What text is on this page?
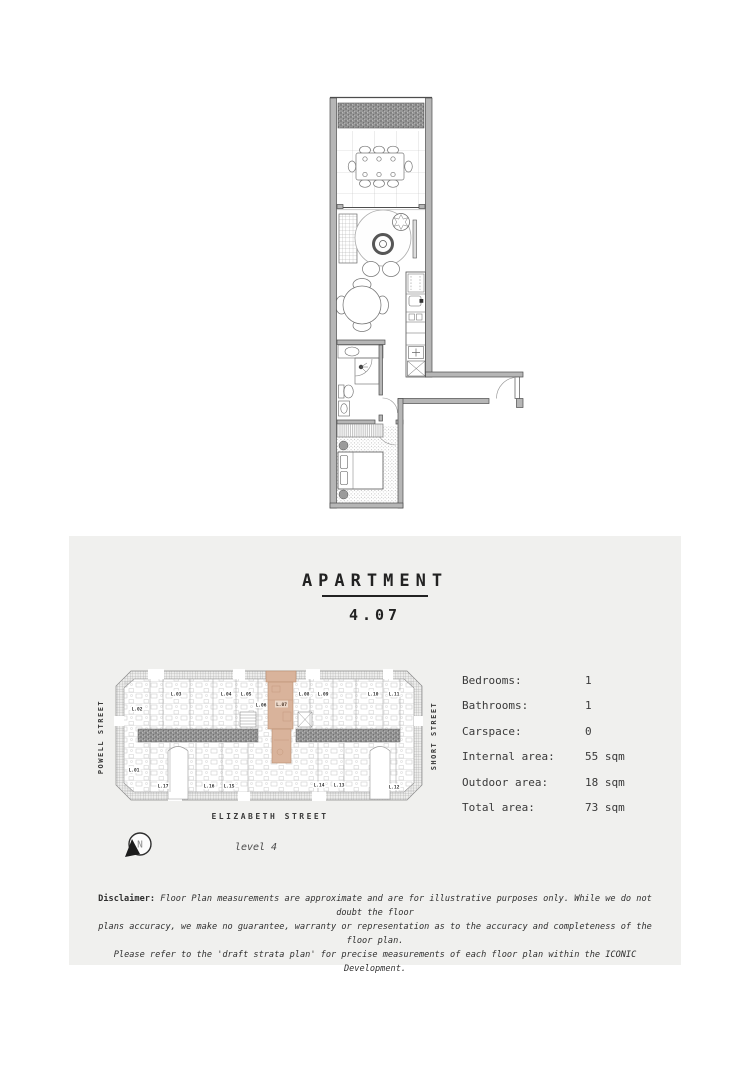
APARTMENT
4.07
L.07
L.02
L.03	L.04 L.05
L.06
L.08 L.09	L.10 L.11
L.01
L.17	L.16 L.15	L.14 L.13	L.12
POWELL STREET	SHORT STREET
ELIZABETH STREET
N	level 4
Bedrooms:	1
Bathrooms:	1
Carspace:	0
Internal area:	55 sqm
Outdoor area:	18 sqm
Total area:	73 sqm
Disclaimer: Floor Plan measurements are approximate and are for illustrative purposes only. While we do not doubt the floor
plans accuracy, we make no guarantee, warranty or representation as to the accuracy and completeness of the floor plan.
Please refer to the 'draft strata plan' for precise measurements of each floor plan within the ICONIC Development.
